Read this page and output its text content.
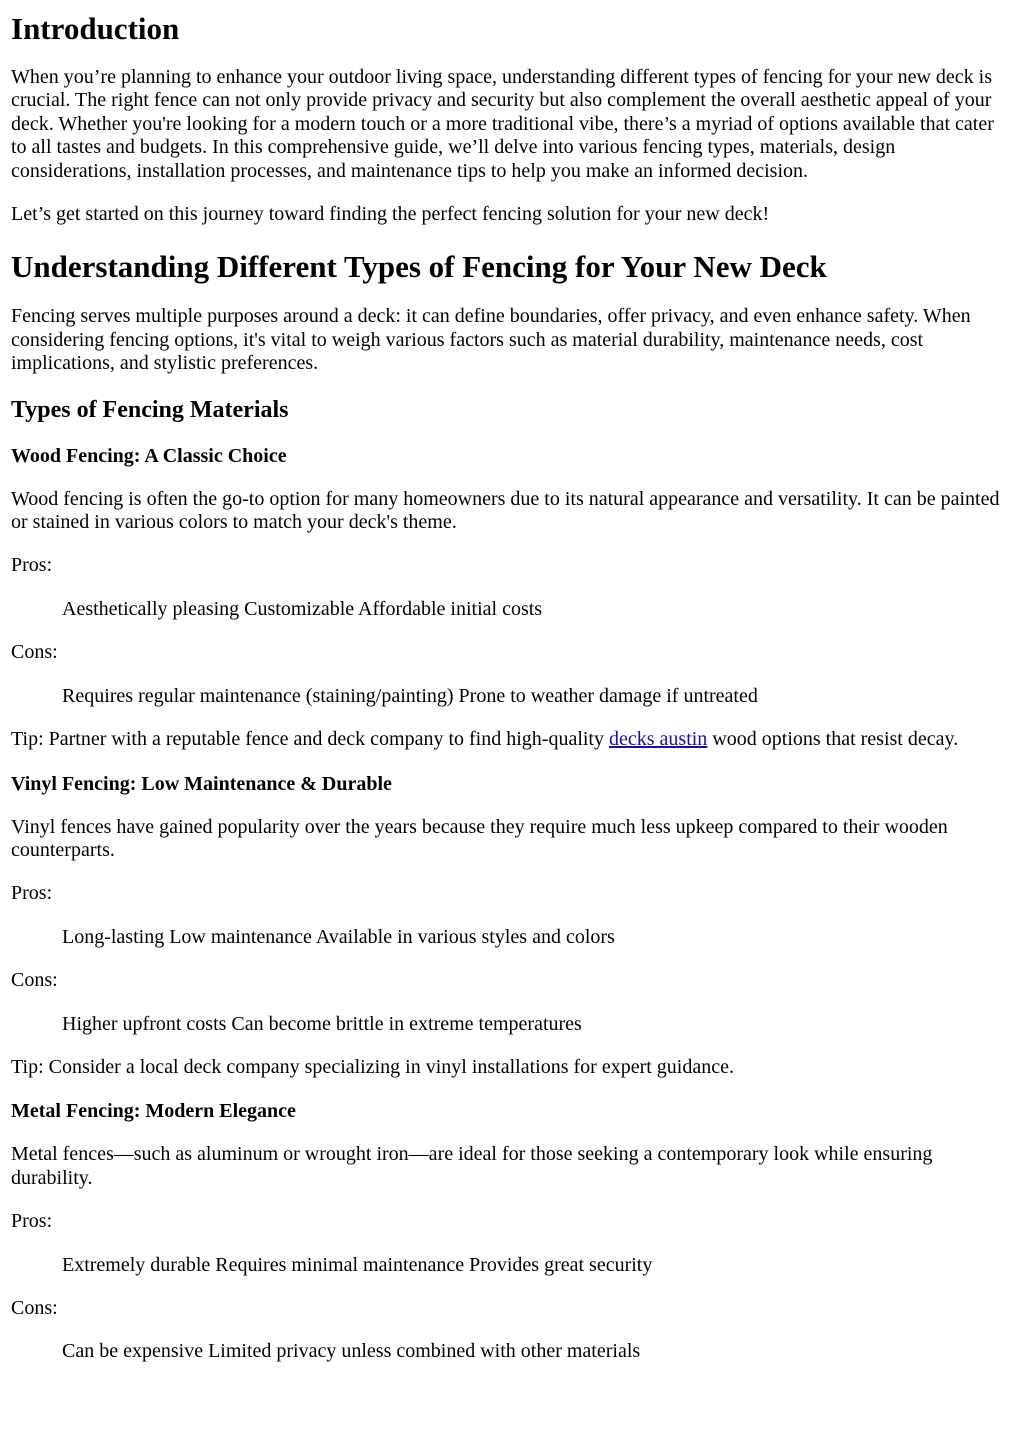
Introduction

When you’re planning to enhance your outdoor living space, understanding different types of fencing for your new deck is crucial. The right fence can not only provide privacy and security but also complement the overall aesthetic appeal of your deck. Whether you're looking for a modern touch or a more traditional vibe, there’s a myriad of options available that cater to all tastes and budgets. In this comprehensive guide, we’ll delve into various fencing types, materials, design considerations, installation processes, and maintenance tips to help you make an informed decision.

Let’s get started on this journey toward finding the perfect fencing solution for your new deck!

Understanding Different Types of Fencing for Your New Deck

Fencing serves multiple purposes around a deck: it can define boundaries, offer privacy, and even enhance safety. When considering fencing options, it's vital to weigh various factors such as material durability, maintenance needs, cost implications, and stylistic preferences.

Types of Fencing Materials
Wood Fencing: A Classic Choice

Wood fencing is often the go-to option for many homeowners due to its natural appearance and versatility. It can be painted or stained in various colors to match your deck's theme.

Pros:

Aesthetically pleasing Customizable Affordable initial costs

Cons:

Requires regular maintenance (staining/painting) Prone to weather damage if untreated

Tip: Partner with a reputable fence and deck company to find high-quality decks austin wood options that resist decay.

Vinyl Fencing: Low Maintenance & Durable

Vinyl fences have gained popularity over the years because they require much less upkeep compared to their wooden counterparts.

Pros:

Long-lasting Low maintenance Available in various styles and colors

Cons:

Higher upfront costs Can become brittle in extreme temperatures

Tip: Consider a local deck company specializing in vinyl installations for expert guidance.

Metal Fencing: Modern Elegance

Metal fences—such as aluminum or wrought iron—are ideal for those seeking a contemporary look while ensuring durability.

Pros:

Extremely durable Requires minimal maintenance Provides great security

Cons:

Can be expensive Limited privacy unless combined with other materials
